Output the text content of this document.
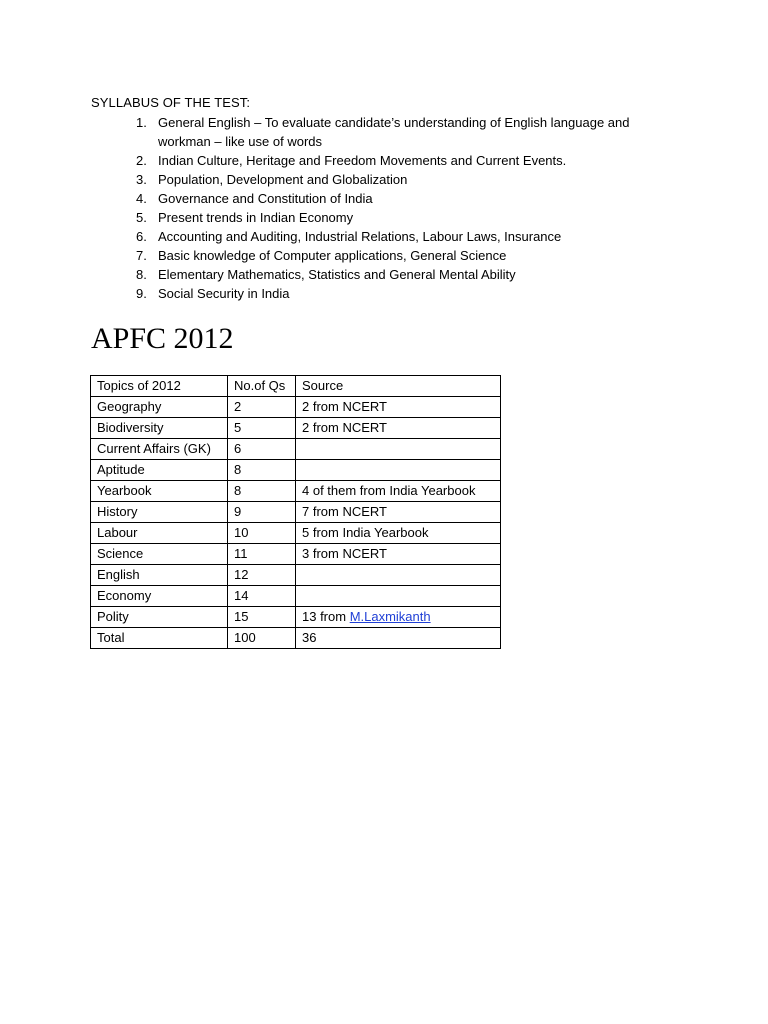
SYLLABUS OF THE TEST:
1. General English – To evaluate candidate’s understanding of English language and
workman – like use of words
2. Indian Culture, Heritage and Freedom Movements and Current Events.
3. Population, Development and Globalization
4. Governance and Constitution of India
5. Present trends in Indian Economy
6. Accounting and Auditing, Industrial Relations, Labour Laws, Insurance
7. Basic knowledge of Computer applications, General Science
8. Elementary Mathematics, Statistics and General Mental Ability
9. Social Security in India
APFC 2012
Topics of 2012	No.of Qs	Source
Geography	2	2 from NCERT
Biodiversity	5	2 from NCERT
Current Affairs (GK)	6	
Aptitude	8	
Yearbook	8	4 of them from India Yearbook
History	9	7 from NCERT
Labour	10	5 from India Yearbook
Science	11	3 from NCERT
English	12	
Economy	14	
Polity	15	13 from M.Laxmikanth
Total	100	36
